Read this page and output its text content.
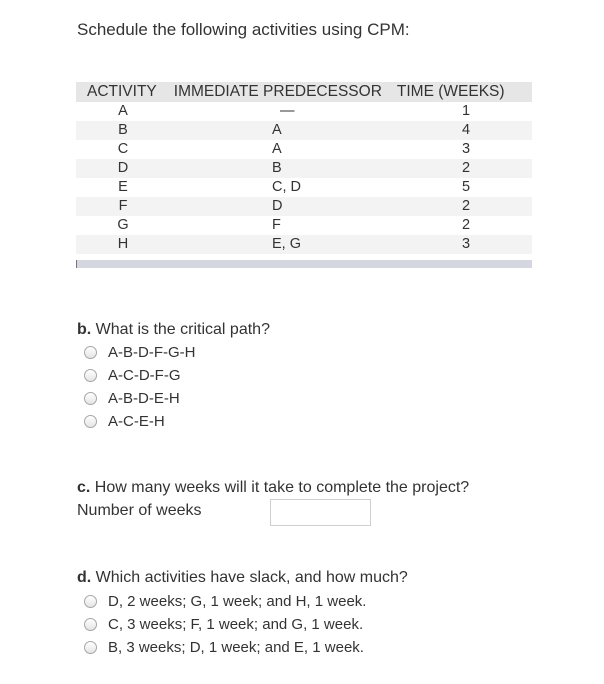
Schedule the following activities using CPM:
ACTIVITY IMMEDIATE PREDECESSOR TIME (WEEKS)
A	—	1
B	A	4
C	A	3
D	B	2
E	C, D	5
F	D	2
G	F	2
H	E, G	3
b. What is the critical path?
A-B-D-F-G-H
A-C-D-F-G
A-B-D-E-H
A-C-E-H
c. How many weeks will it take to complete the project?
Number of weeks
d. Which activities have slack, and how much?
D, 2 weeks; G, 1 week; and H, 1 week.
C, 3 weeks; F, 1 week; and G, 1 week.
B, 3 weeks; D, 1 week; and E, 1 week.
